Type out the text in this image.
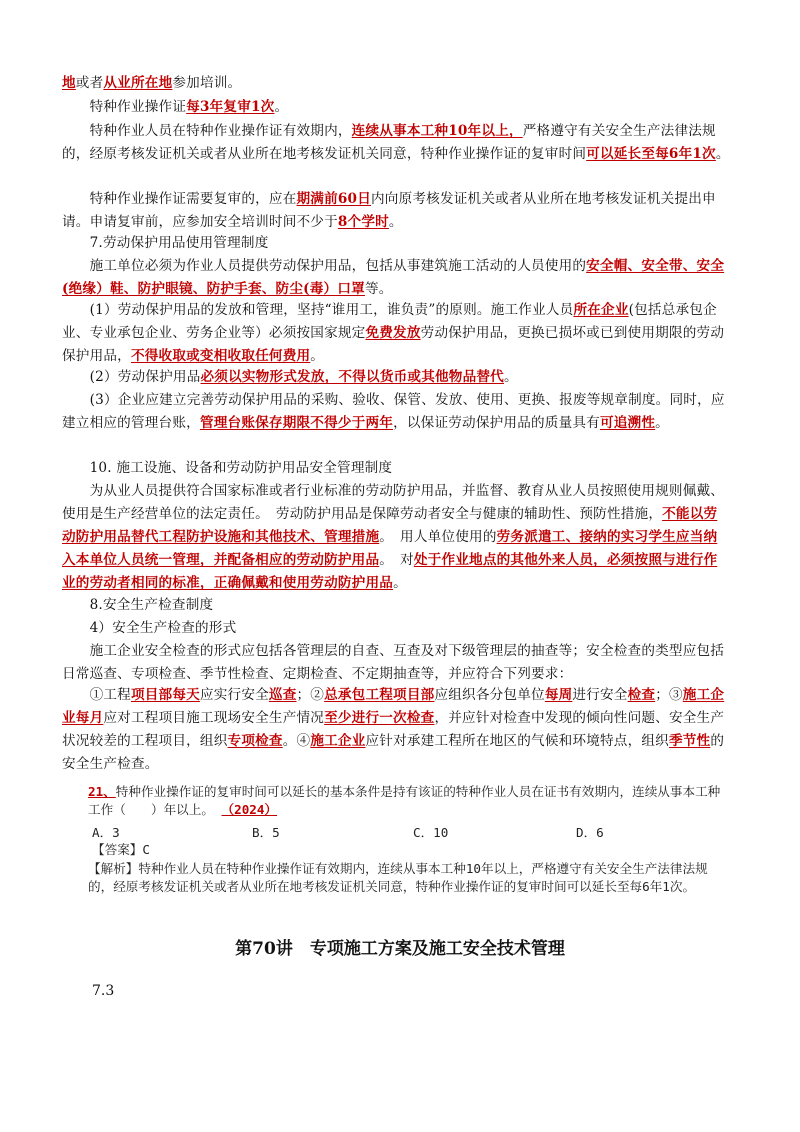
地或者从业所在地参加培训。
　　特种作业操作证每3年复审1次。
　　特种作业人员在特种作业操作证有效期内，连续从事本工种10年以上，严格遵守有关安全生产法律法规的，经原考核发证机关或者从业所在地考核发证机关同意，特种作业操作证的复审时间可以延长至每6年1次。
　　特种作业操作证需要复审的，应在期满前60日内向原考核发证机关或者从业所在地考核发证机关提出申请。申请复审前，应参加安全培训时间不少于8个学时。
　　7.劳动保护用品使用管理制度
　　施工单位必须为作业人员提供劳动保护用品，包括从事建筑施工活动的人员使用的安全帽、安全带、安全(绝缘）鞋、防护眼镜、防护手套、防尘(毒）口罩等。
　　(1）劳动保护用品的发放和管理，坚持“谁用工，谁负责”的原则。施工作业人员所在企业(包括总承包企业、专业承包企业、劳务企业等）必须按国家规定免费发放劳动保护用品，更换已损坏或已到使用期限的劳动保护用品，不得收取或变相收取任何费用。
　　(2）劳动保护用品必须以实物形式发放，不得以货币或其他物品替代。
　　(3）企业应建立完善劳动保护用品的采购、验收、保管、发放、使用、更换、报废等规章制度。同时，应建立相应的管理台账，管理台账保存期限不得少于两年，以保证劳动保护用品的质量具有可追溯性。
　　10. 施工设施、设备和劳动防护用品安全管理制度
　　为从业人员提供符合国家标准或者行业标准的劳动防护用品，并监督、教育从业人员按照使用规则佩戴、使用是生产经营单位的法定责任。　劳动防护用品是保障劳动者安全与健康的辅助性、预防性措施，不能以劳动防护用品替代工程防护设施和其他技术、管理措施。　用人单位使用的劳务派遣工、接纳的实习学生应当纳入本单位人员统一管理，并配备相应的劳动防护用品。　对处于作业地点的其他外来人员，必须按照与进行作业的劳动者相同的标准，正确佩戴和使用劳动防护用品。
　　8.安全生产检查制度
　　4）安全生产检查的形式
　　施工企业安全检查的形式应包括各管理层的自查、互查及对下级管理层的抽查等；安全检查的类型应包括日常巡查、专项检查、季节性检查、定期检查、不定期抽查等，并应符合下列要求：
　　①工程项目部每天应实行安全巡查；②总承包工程项目部应组织各分包单位每周进行安全检查；③施工企业每月应对工程项目施工现场安全生产情况至少进行一次检查，并应针对检查中发现的倾向性问题、安全生产状况较差的工程项目，组织专项检查。④施工企业应针对承建工程所在地区的气候和环境特点，组织季节性的安全生产检查。
21、特种作业操作证的复审时间可以延长的基本条件是持有该证的特种作业人员在证书有效期内，连续从事本工种工作（　　）年以上。 （2024）
A．3	B．5	C．10	D．6
【答案】C
【解析】特种作业人员在特种作业操作证有效期内，连续从事本工种10年以上，严格遵守有关安全生产法律法规的，经原考核发证机关或者从业所在地考核发证机关同意，特种作业操作证的复审时间可以延长至每6年1次。
第70讲　专项施工方案及施工安全技术管理
7.3
